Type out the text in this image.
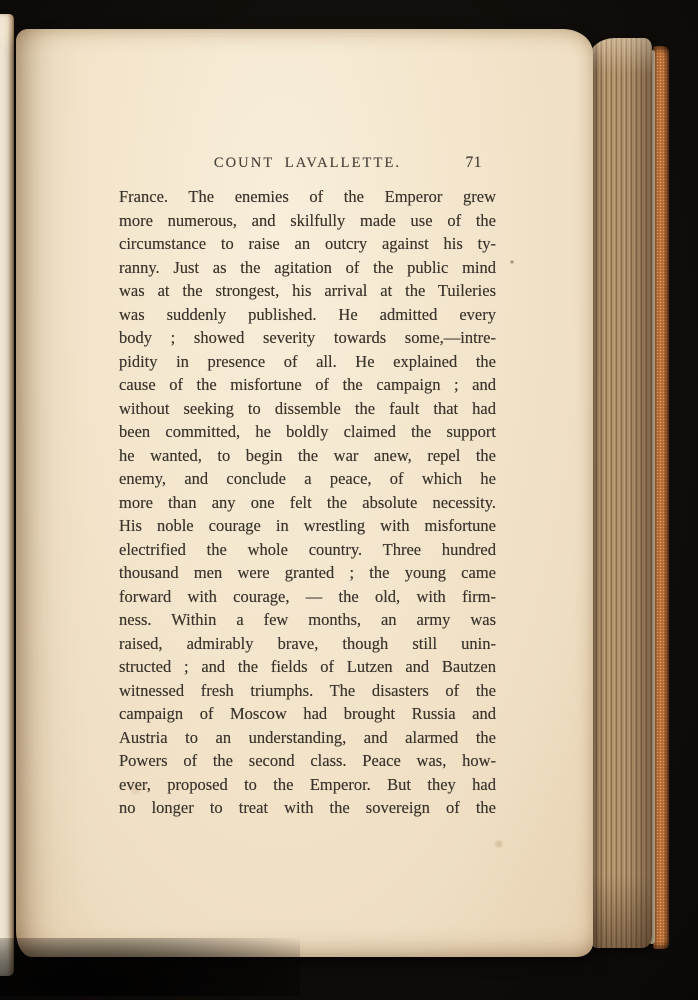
COUNT LAVALLETTE.	71
France. The enemies of the Emperor grew
more numerous, and skilfully made use of the
circumstance to raise an outcry against his ty-
ranny. Just as the agitation of the public mind
was at the strongest, his arrival at the Tuileries
was suddenly published. He admitted every
body ; showed severity towards some,—intre-
pidity in presence of all. He explained the
cause of the misfortune of the campaign ; and
without seeking to dissemble the fault that had
been committed, he boldly claimed the support
he wanted, to begin the war anew, repel the
enemy, and conclude a peace, of which he
more than any one felt the absolute necessity.
His noble courage in wrestling with misfortune
electrified the whole country. Three hundred
thousand men were granted ; the young came
forward with courage, — the old, with firm-
ness. Within a few months, an army was
raised, admirably brave, though still unin-
structed ; and the fields of Lutzen and Bautzen
witnessed fresh triumphs. The disasters of the
campaign of Moscow had brought Russia and
Austria to an understanding, and alarmed the
Powers of the second class. Peace was, how-
ever, proposed to the Emperor. But they had
no longer to treat with the sovereign of the
